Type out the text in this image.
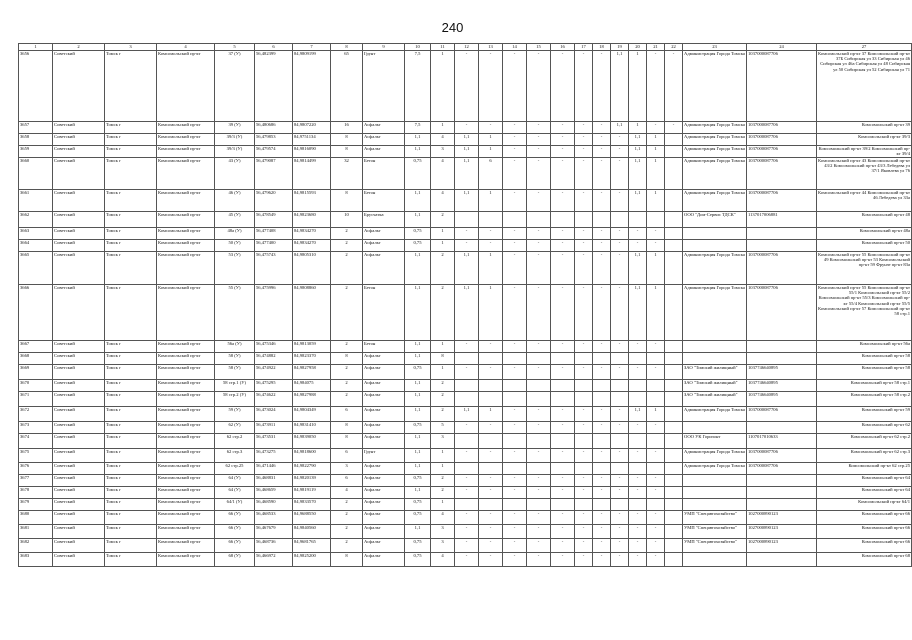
240
1	2	3	4	5	6	7	8	9	10	11	12	13	14	15	16	17	18	19	20	21	22	23	24	27
3656	Советский	Томск г	Комсомольский пр-кт	37 (У)	56,482399	84,9809199	65	Грунт	7,5	1	-	-	-	-	-	-	-	1,1	1	-	-	Администрация Города Томска	1037000087706	Комсомольский пр-кт 37 Комсомольский пр-кт 37Б Сибирская ул 33 Сибирская ул 46 Сибирская ул 46а Сибирская ул 48 Сибирская ул 50 Сибирская ул 52 Сибирская ул 71
3657	Советский	Томск г	Комсомольский пр-кт	39 (У)	56,480686	84,9807220	16	Асфальт	7,5	1	-	-	-	-	-	-	-	1,1	1	-	-	Администрация Города Томска	1037000087706	Комсомольский пр-кт 39
3658	Советский	Томск г	Комсомольский пр-кт	39/3 (У)	56,479853	84,9751134	8	Асфальт	1,1	4	1,1	1	-	-	-	-	-	-	1,1	1		Администрация Города Томска	1037000087706	Комсомольский пр-кт 39/3
3659	Советский	Томск г	Комсомольский пр-кт	39/3 (У)	56,479574	84,9816090	8	Асфальт	1,1	3	1,1	1	-	-	-	-	-	-	1,1	1		Администрация Города Томска	1037000087706	Комсомольский пр-кт 39/2 Комсомольский пр-кт 39/4
3660	Советский	Томск г	Комсомольский пр-кт	43 (У)	56,479087	84,9814499	32	Бетон	0,75	4	1,1	6	-	-	-	-	-	-	1,1	1		Администрация Города Томска	1037000087706	Комсомольский пр-кт 43 Комсомольский пр-кт 43/2 Комсомольский пр-кт 43/3 Лебедева ул 37/1 Яковлева ул 76
3661	Советский	Томск г	Комсомольский пр-кт	46 (У)	56,479620	84,9815593	8	Бетон	1,1	4	1,1	1	-	-	-	-	-	-	1,1	1		Администрация Города Томска	1037000087706	Комсомольский пр-кт 44 Комсомольский пр-кт 46 Лебедева ул 33а
3662	Советский	Томск г	Комсомольский пр-кт	45 (У)	56,478549	84,9823680	10	Брусчатка	1,1	2												ООО "Дом-Сервис ТДСК"	1137017006881	Комсомольский пр-кт 48
3663	Советский	Томск г	Комсомольский пр-кт	48а (У)	56,477408	84,9834270	2	Асфальт	0,75	1	-	-	-	-	-	-	-	-	-	-				Комсомольский пр-кт 48а
3664	Советский	Томск г	Комсомольский пр-кт	50 (У)	56,477400	84,9834270	2	Асфальт	0,75	1	-	-	-	-	-	-	-	-	-	-				Комсомольский пр-кт 50
3665	Советский	Томск г	Комсомольский пр-кт	53 (У)	56,475743	84,9805310	2	Асфальт	1,1	2	1,1	1	-	-	-	-	-	-	1,1	1		Администрация Города Томска	1037000087706	Комсомольский пр-кт 55 Комсомольский пр-кт 49 Комсомольский пр-кт 53 Комсомольский пр-кт 59 Фрунзе пр-кт 83а
3666	Советский	Томск г	Комсомольский пр-кт	55 (У)	56,475996	84,9808860	2	Бетон	1,1	2	1,1	1	-	-	-	-	-	-	1,1	1		Администрация Города Томска	1037000087706	Комсомольский пр-кт 55 Комсомольский пр-кт 55/1 Комсомольский пр-кт 55/2 Комсомольский пр-кт 55/3 Комсомольский пр-кт 55/4 Комсомольский пр-кт 55/5 Комсомольский пр-кт 57 Комсомольский пр-кт 58 стр.1
3667	Советский	Томск г	Комсомольский пр-кт	56а (У)	56,475346	84,9813059	2	Бетон	1,1	1	-	-	-	-	-	-	-	-	-	-				Комсомольский пр-кт 56а
3668	Советский	Томск г	Комсомольский пр-кт	58 (У)	56,474882	84,9823370	8	Асфальт	1,1	8														Комсомольский пр-кт 58
3669	Советский	Томск г	Комсомольский пр-кт	58 (У)	56,474922	84,9827958	2	Асфальт	0,75	1	-	-	-	-	-	-	-	-	-	-		ЗАО "Томский жилищный"	1037746640895	Комсомольский пр-кт 58
3670	Советский	Томск г	Комсомольский пр-кт	58 стр.1 (У)	56,475295	84,984075	2	Асфальт	1,1	2												ЗАО "Томский жилищный"	1037746640895	Комсомольский пр-кт 58 стр.1
3671	Советский	Томск г	Комсомольский пр-кт	58 стр.2 (У)	56,474622	84,9827988	2	Асфальт	1,1	2												ЗАО "Томский жилищный"	1037746640895	Комсомольский пр-кт 58 стр.2
3672	Советский	Томск г	Комсомольский пр-кт	59 (У)	56,473024	84,9804349	6	Асфальт	1,1	2	1,1	1	-	-	-	-	-	-	1,1	1		Администрация Города Томска	1037000087706	Комсомольский пр-кт 59
3673	Советский	Томск г	Комсомольский пр-кт	62 (У)	56,473911	84,9831410	8	Асфальт	0,75	5	-	-	-	-	-	-	-	-	-	-				Комсомольский пр-кт 62
3674	Советский	Томск г	Комсомольский пр-кт	62 стр.2	56,473531	84,9839050	8	Асфальт	1,1	3												ООО УК Горизонт	1107017010633	Комсомольский пр-кт 62 стр.2
3675	Советский	Томск г	Комсомольский пр-кт	62 стр.3	56,473275	84,9818600	6	Грунт	1,1	1	-	-	-	-	-	-	-	-	-	-		Администрация Города Томска	1037000087706	Комсомольский пр-кт 62 стр.3
3676	Советский	Томск г	Комсомольский пр-кт	62 стр.25	56,471446	84,9822790	3	Асфальт	1,1	1												Администрация Города Томска	1037000087706	Комсомольский пр-кт 62 стр.25
3677	Советский	Томск г	Комсомольский пр-кт	64 (У)	56,468831	84,9820139	6	Асфальт	0,75	2	-	-	-	-	-	-	-	-	-	-				Комсомольский пр-кт 64
3678	Советский	Томск г	Комсомольский пр-кт	64 (У)	56,468659	84,9819119	4	Асфальт	1,1	2	-	-	-	-	-	-	-	-	-	-				Комсомольский пр-кт 64
3679	Советский	Томск г	Комсомольский пр-кт	64/1 (У)	56,468590	84,9833570	2	Асфальт	0,75	1														Комсомольский пр-кт 64/1
3680	Советский	Томск г	Комсомольский пр-кт	66 (У)	56,468533	84,9688550	2	Асфальт	0,75	4	-	-	-	-	-	-	-	-	-	-		УМП "Спецавтохозяйство"	1027000890123	Комсомольский пр-кт 66
3681	Советский	Томск г	Комсомольский пр-кт	66 (У)	56,467679	84,9840560	2	Асфальт	1,1	3	-	-	-	-	-	-	-	-	-	-		УМП "Спецавтохозяйство"	1027000890123	Комсомольский пр-кт 66
3682	Советский	Томск г	Комсомольский пр-кт	66 (У)	56,468736	84,9681765	2	Асфальт	0,75	3	-	-	-	-	-	-	-	-	-	-		УМП "Спецавтохозяйство"	1027000890123	Комсомольский пр-кт 66
3683	Советский	Томск г	Комсомольский пр-кт	68 (У)	56,466972	84,9825200	8	Асфальт	0,75	4	-	-	-	-	-	-	-	-	-	-				Комсомольский пр-кт 68
